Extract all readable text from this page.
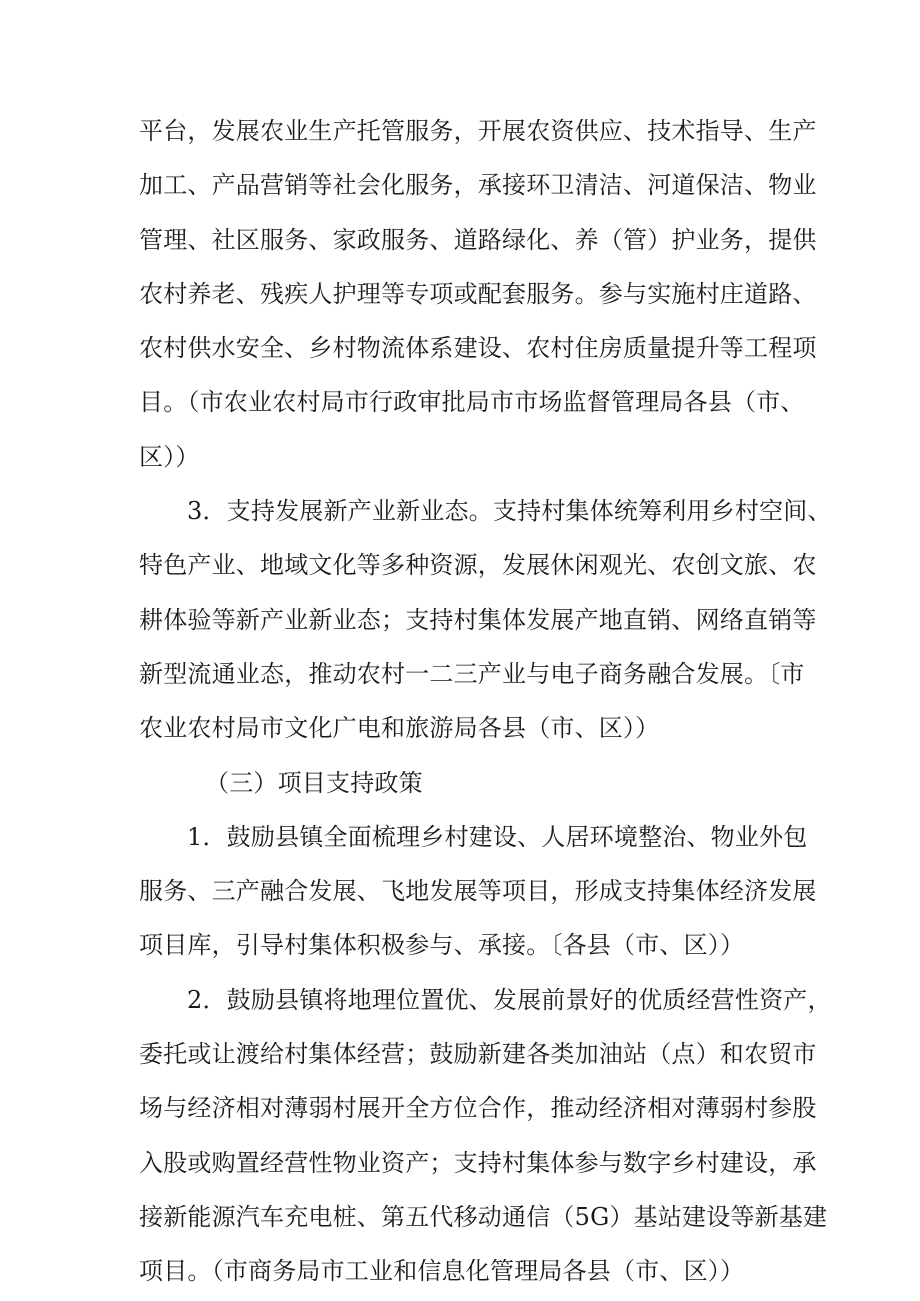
平台，发展农业生产托管服务，开展农资供应、技术指导、生产
加工、产品营销等社会化服务，承接环卫清洁、河道保洁、物业
管理、社区服务、家政服务、道路绿化、养（管）护业务，提供
农村养老、残疾人护理等专项或配套服务。参与实施村庄道路、
农村供水安全、乡村物流体系建设、农村住房质量提升等工程项
目。（市农业农村局市行政审批局市市场监督管理局各县（市、
区））

3．支持发展新产业新业态。支持村集体统筹利用乡村空间、
特色产业、地域文化等多种资源，发展休闲观光、农创文旅、农
耕体验等新产业新业态；支持村集体发展产地直销、网络直销等
新型流通业态，推动农村一二三产业与电子商务融合发展。〔市
农业农村局市文化广电和旅游局各县（市、区））

（三）项目支持政策

1．鼓励县镇全面梳理乡村建设、人居环境整治、物业外包
服务、三产融合发展、飞地发展等项目，形成支持集体经济发展
项目库，引导村集体积极参与、承接。〔各县（市、区））

2．鼓励县镇将地理位置优、发展前景好的优质经营性资产，
委托或让渡给村集体经营；鼓励新建各类加油站（点）和农贸市
场与经济相对薄弱村展开全方位合作，推动经济相对薄弱村参股
入股或购置经营性物业资产；支持村集体参与数字乡村建设，承
接新能源汽车充电桩、第五代移动通信（5G）基站建设等新基建
项目。（市商务局市工业和信息化管理局各县（市、区））
